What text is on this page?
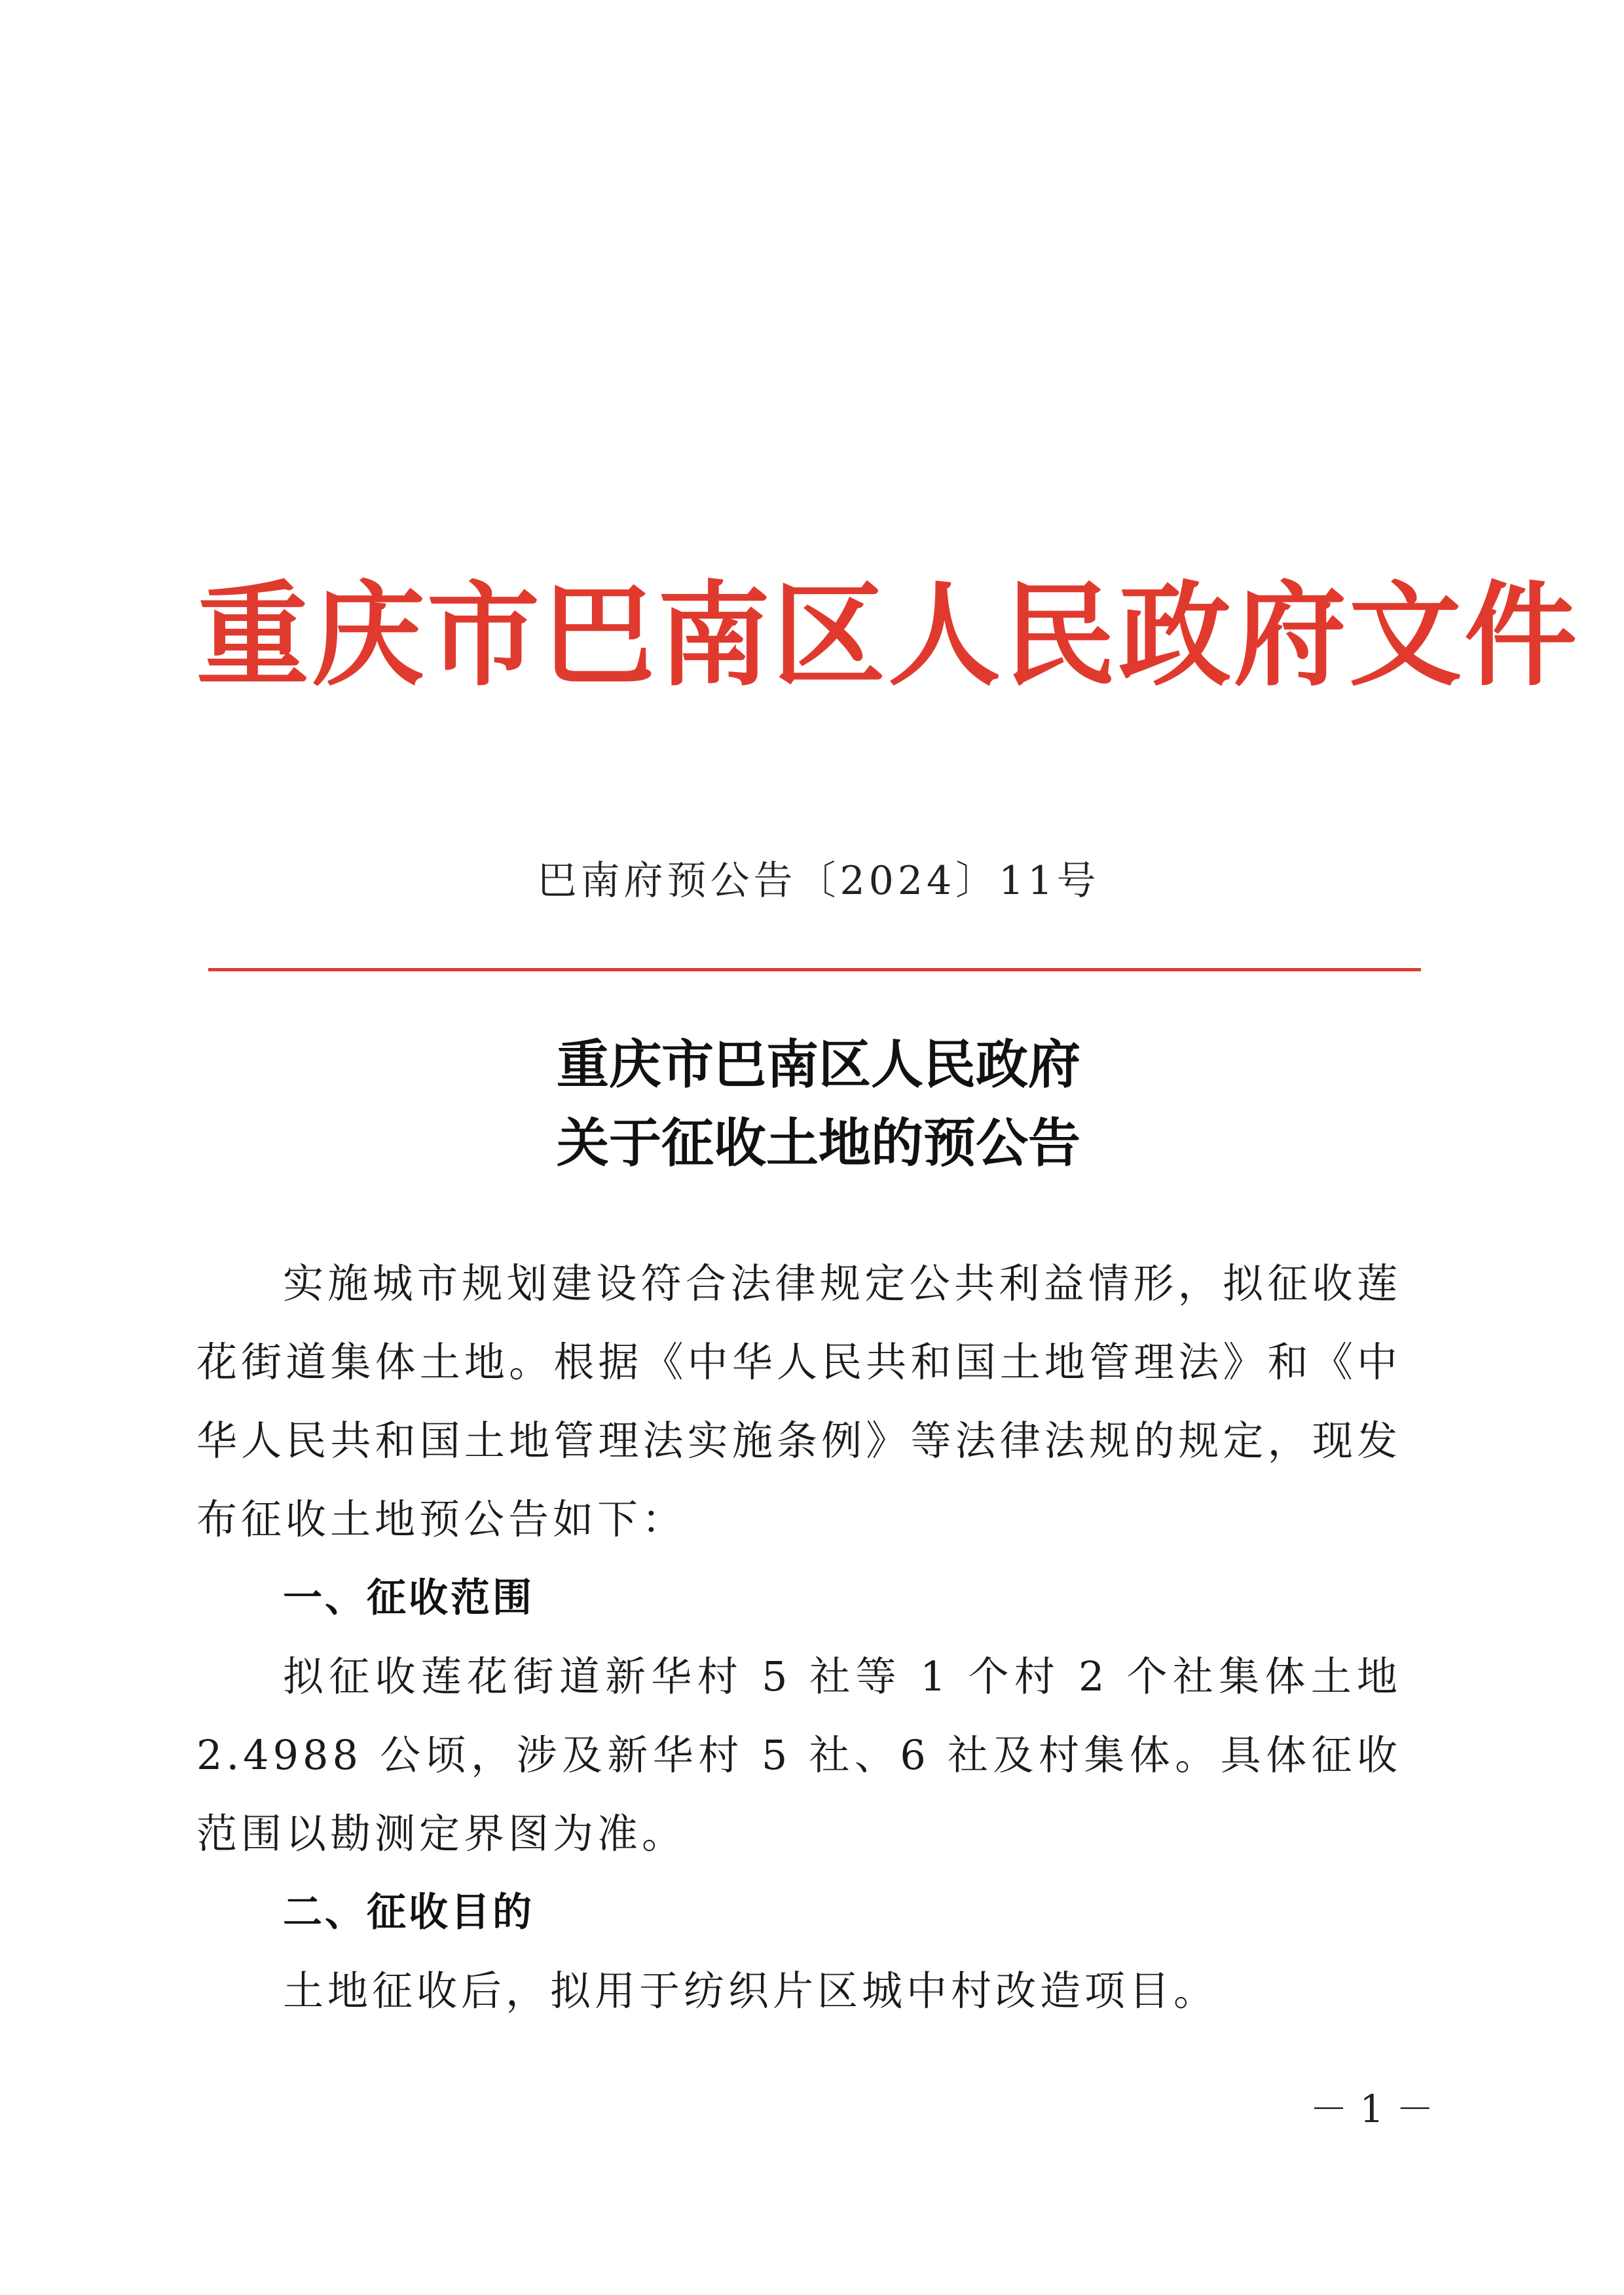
重庆市巴南区人民政府文件
巴南府预公告〔2024〕11号
重庆市巴南区人民政府
关于征收土地的预公告

实施城市规划建设符合法律规定公共利益情形，拟征收莲花街道集体土地。根据《中华人民共和国土地管理法》和《中华人民共和国土地管理法实施条例》等法律法规的规定，现发布征收土地预公告如下：

一、征收范围

拟征收莲花街道新华村 5 社等 1 个村 2 个社集体土地 2.4988 公顷，涉及新华村 5 社、6 社及村集体。具体征收范围以勘测定界图为准。

二、征收目的

土地征收后，拟用于纺织片区城中村改造项目。

－ 1 －
